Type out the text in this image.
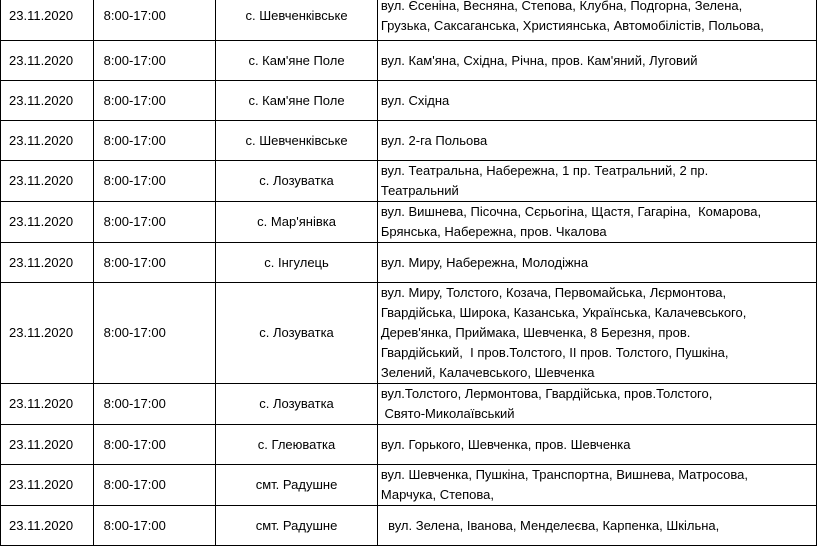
23.11.2020	8:00-17:00	с. Шевченківське	вул. Єсеніна, Весняна, Степова, Клубна, Подгорна, Зелена,
Грузька, Саксаганська, Християнська, Автомобілістів, Польова,

23.11.2020	8:00-17:00	с. Кам'яне Поле	вул. Кам'яна, Східна, Річна, пров. Кам'яний, Луговий

23.11.2020	8:00-17:00	с. Кам'яне Поле	вул. Східна

23.11.2020	8:00-17:00	с. Шевченківське	вул. 2-га Польова

23.11.2020	8:00-17:00	с. Лозуватка	вул. Театральна, Набережна, 1 пр. Театральний, 2 пр.
Театральний

23.11.2020	8:00-17:00	с. Мар'янівка	вул. Вишнева, Пісочна, Сєрьогіна, Щастя, Гагаріна,  Комарова,
Брянська, Набережна, пров. Чкалова

23.11.2020	8:00-17:00	с. Інгулець	вул. Миру, Набережна, Молодіжна

23.11.2020	8:00-17:00	с. Лозуватка	вул. Миру, Толстого, Козача, Первомайська, Лєрмонтова,
Гвардійська, Широка, Казанська, Українська, Калачевського,
Дерев'янка, Приймака, Шевченка, 8 Березня, пров.
Гвардійський,  І пров.Толстого, ІІ пров. Толстого, Пушкіна,
Зелений, Калачевського, Шевченка

23.11.2020	8:00-17:00	с. Лозуватка	вул.Толстого, Лермонтова, Гвардійська, пров.Толстого,
Свято-Миколаївський

23.11.2020	8:00-17:00	с. Глеюватка	вул. Горького, Шевченка, пров. Шевченка

23.11.2020	8:00-17:00	смт. Радушне	вул. Шевченка, Пушкіна, Транспортна, Вишнева, Матросова,
Марчука, Степова,

23.11.2020	8:00-17:00	смт. Радушне	вул. Зелена, Іванова, Менделеєва, Карпенка, Шкільна,
